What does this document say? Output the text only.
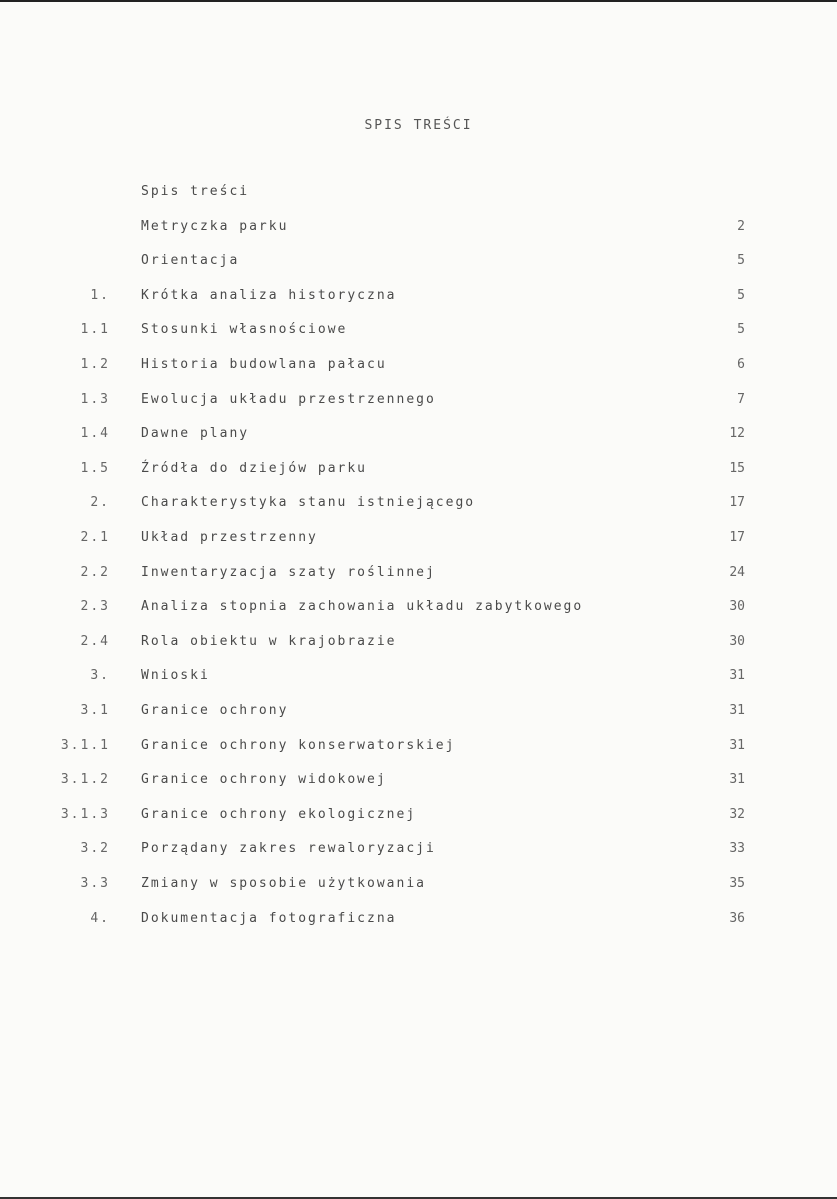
SPIS TREŚCI
Spis treści
Metryczka parku	2
Orientacja	5
1. Krótka analiza historyczna	5
1.1 Stosunki własnościowe	5
1.2 Historia budowlana pałacu	6
1.3 Ewolucja układu przestrzennego	7
1.4 Dawne plany	12
1.5 Źródła do dziejów parku	15
2. Charakterystyka stanu istniejącego	17
2.1 Układ przestrzenny	17
2.2 Inwentaryzacja szaty roślinnej	24
2.3 Analiza stopnia zachowania układu zabytkowego	30
2.4 Rola obiektu w krajobrazie	30
3. Wnioski	31
3.1 Granice ochrony	31
3.1.1 Granice ochrony konserwatorskiej	31
3.1.2 Granice ochrony widokowej	31
3.1.3 Granice ochrony ekologicznej	32
3.2 Porządany zakres rewaloryzacji	33
3.3 Zmiany w sposobie użytkowania	35
4. Dokumentacja fotograficzna	36
